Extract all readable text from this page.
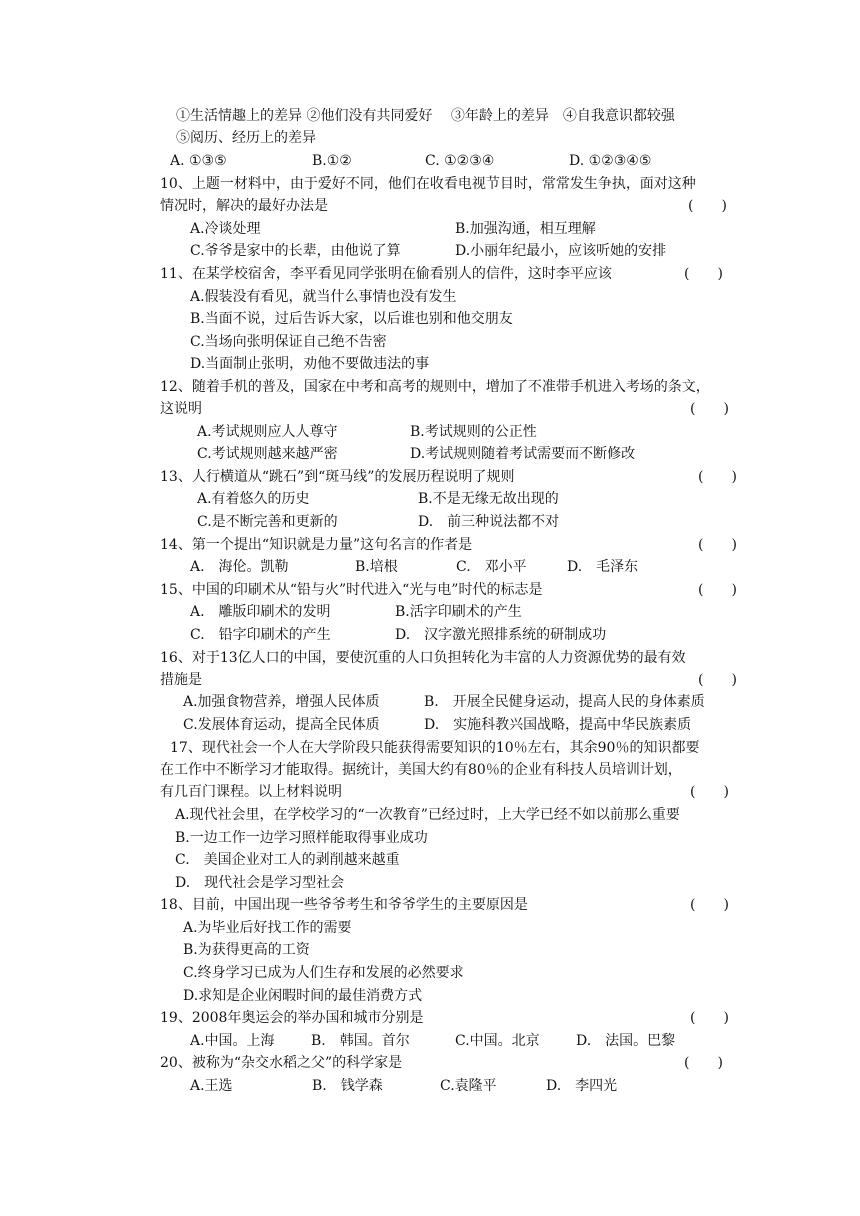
①生活情趣上的差异 ②他们没有共同爱好　 ③年龄上的差异　④自我意识都较强
⑤阅历、经历上的差异
A. ①③⑤	B.①②	C. ①②③④	D. ①②③④⑤
10、上题一材料中，由于爱好不同，他们在收看电视节目时，常常发生争执，面对这种
情况时，解决的最好办法是	(　　)
A.冷谈处理	B.加强沟通，相互理解
C.爷爷是家中的长辈，由他说了算	D.小丽年纪最小，应该听她的安排
11、在某学校宿舍，李平看见同学张明在偷看别人的信件，这时李平应该	(　　)
A.假装没有看见，就当什么事情也没有发生
B.当面不说，过后告诉大家，以后谁也别和他交朋友
C.当场向张明保证自己绝不告密
D.当面制止张明，劝他不要做违法的事
12、随着手机的普及，国家在中考和高考的规则中，增加了不准带手机进入考场的条文，
这说明	(　　)
A.考试规则应人人尊守	B.考试规则的公正性
C.考试规则越来越严密	D.考试规则随着考试需要而不断修改
13、人行横道从“跳石”到“斑马线”的发展历程说明了规则	(　　)
A.有着悠久的历史	B.不是无缘无故出现的
C.是不断完善和更新的	D.　前三种说法都不对
14、第一个提出“知识就是力量”这句名言的作者是	(　　)
A.　海伦。凯勒	B.培根	C.　邓小平	D.　毛泽东
15、中国的印刷术从“铅与火”时代进入“光与电”时代的标志是	(　　)
A.　雕版印刷术的发明	B.活字印刷术的产生
C.　铅字印刷术的产生	D.　汉字激光照排系统的研制成功
16、对于13亿人口的中国，要使沉重的人口负担转化为丰富的人力资源优势的最有效
措施是	(　　)
A.加强食物营养，增强人民体质	B.　开展全民健身运动，提高人民的身体素质
C.发展体育运动，提高全民体质	D.　实施科教兴国战略，提高中华民族素质
17、现代社会一个人在大学阶段只能获得需要知识的10％左右，其余90％的知识都要
在工作中不断学习才能取得。据统计，美国大约有80％的企业有科技人员培训计划，
有几百门课程。以上材料说明	(　　)
A.现代社会里，在学校学习的“一次教育”已经过时，上大学已经不如以前那么重要
B.一边工作一边学习照样能取得事业成功
C.　美国企业对工人的剥削越来越重
D.　现代社会是学习型社会
18、目前，中国出现一些爷爷考生和爷爷学生的主要原因是	(　　)
A.为毕业后好找工作的需要
B.为获得更高的工资
C.终身学习已成为人们生存和发展的必然要求
D.求知是企业闲暇时间的最佳消费方式
19、2008年奥运会的举办国和城市分别是	(　　)
A.中国。上海	B.　韩国。首尔	C.中国。北京	D.　法国。巴黎
20、被称为“杂交水稻之父”的科学家是	(　　)
A.王选	B.　钱学森	C.袁隆平	D.　李四光
